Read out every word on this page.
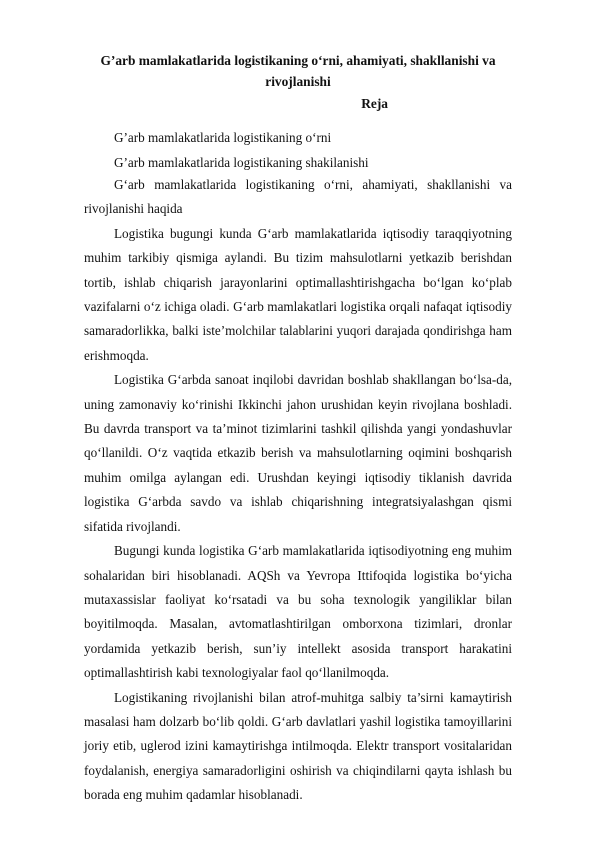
G’arb mamlakatlarida logistikaning o‘rni, ahamiyati, shakllanishi va rivojlanishi
Reja
G’arb mamlakatlarida logistikaning o‘rni
G’arb mamlakatlarida logistikaning shakilanishi

G‘arb mamlakatlarida logistikaning o‘rni, ahamiyati, shakllanishi va rivojlanishi haqida

Logistika bugungi kunda G‘arb mamlakatlarida iqtisodiy taraqqiyotning muhim tarkibiy qismiga aylandi. Bu tizim mahsulotlarni yetkazib berishdan tortib, ishlab chiqarish jarayonlarini optimallashtirishgacha bo‘lgan ko‘plab vazifalarni o‘z ichiga oladi. G‘arb mamlakatlari logistika orqali nafaqat iqtisodiy samaradorlikka, balki iste’molchilar talablarini yuqori darajada qondirishga ham erishmoqda.

Logistika G‘arbda sanoat inqilobi davridan boshlab shakllangan bo‘lsa-da, uning zamonaviy ko‘rinishi Ikkinchi jahon urushidan keyin rivojlana boshladi. Bu davrda transport va ta’minot tizimlarini tashkil qilishda yangi yondashuvlar qo‘llanildi. O‘z vaqtida etkazib berish va mahsulotlarning oqimini boshqarish muhim omilga aylangan edi. Urushdan keyingi iqtisodiy tiklanish davrida logistika G‘arbda savdo va ishlab chiqarishning integratsiyalashgan qismi sifatida rivojlandi.

Bugungi kunda logistika G‘arb mamlakatlarida iqtisodiyotning eng muhim sohalaridan biri hisoblanadi. AQSh va Yevropa Ittifoqida logistika bo‘yicha mutaxassislar faoliyat ko‘rsatadi va bu soha texnologik yangiliklar bilan boyitilmoqda. Masalan, avtomatlashtirilgan omborxona tizimlari, dronlar yordamida yetkazib berish, sun’iy intellekt asosida transport harakatini optimallashtirish kabi texnologiyalar faol qo‘llanilmoqda.

Logistikaning rivojlanishi bilan atrof-muhitga salbiy ta’sirni kamaytirish masalasi ham dolzarb bo‘lib qoldi. G‘arb davlatlari yashil logistika tamoyillarini joriy etib, uglerod izini kamaytirishga intilmoqda. Elektr transport vositalaridan foydalanish, energiya samaradorligini oshirish va chiqindilarni qayta ishlash bu borada eng muhim qadamlar hisoblanadi.
